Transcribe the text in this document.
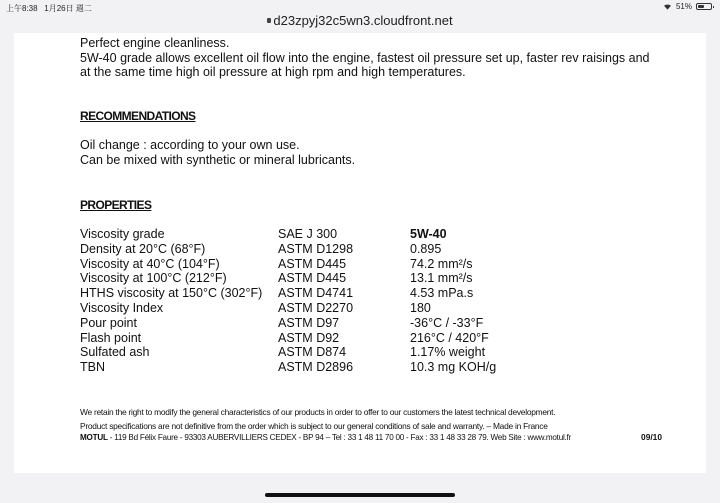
上午8:38 1月26日 週二	51%
d23zpyj32c5wn3.cloudfront.net
Perfect engine cleanliness.
5W-40 grade allows excellent oil flow into the engine, fastest oil pressure set up, faster rev raisings and
at the same time high oil pressure at high rpm and high temperatures.
RECOMMENDATIONS
Oil change : according to your own use.
Can be mixed with synthetic or mineral lubricants.
PROPERTIES
Viscosity grade	SAE J 300	5W-40
Density at 20°C (68°F)	ASTM D1298	0.895
Viscosity at 40°C (104°F)	ASTM D445	74.2 mm²/s
Viscosity at 100°C (212°F)	ASTM D445	13.1 mm²/s
HTHS viscosity at 150°C (302°F) ASTM D4741	4.53 mPa.s
Viscosity Index	ASTM D2270	180
Pour point	ASTM D97	-36°C / -33°F
Flash point	ASTM D92	216°C / 420°F
Sulfated ash	ASTM D874	1.17% weight
TBN	ASTM D2896	10.3 mg KOH/g
We retain the right to modify the general characteristics of our products in order to offer to our customers the latest technical development.
Product specifications are not definitive from the order which is subject to our general conditions of sale and warranty. – Made in France
MOTUL - 119 Bd Félix Faure - 93303 AUBERVILLIERS CEDEX - BP 94 – Tel : 33 1 48 11 70 00 - Fax : 33 1 48 33 28 79. Web Site : www.motul.fr	09/10
